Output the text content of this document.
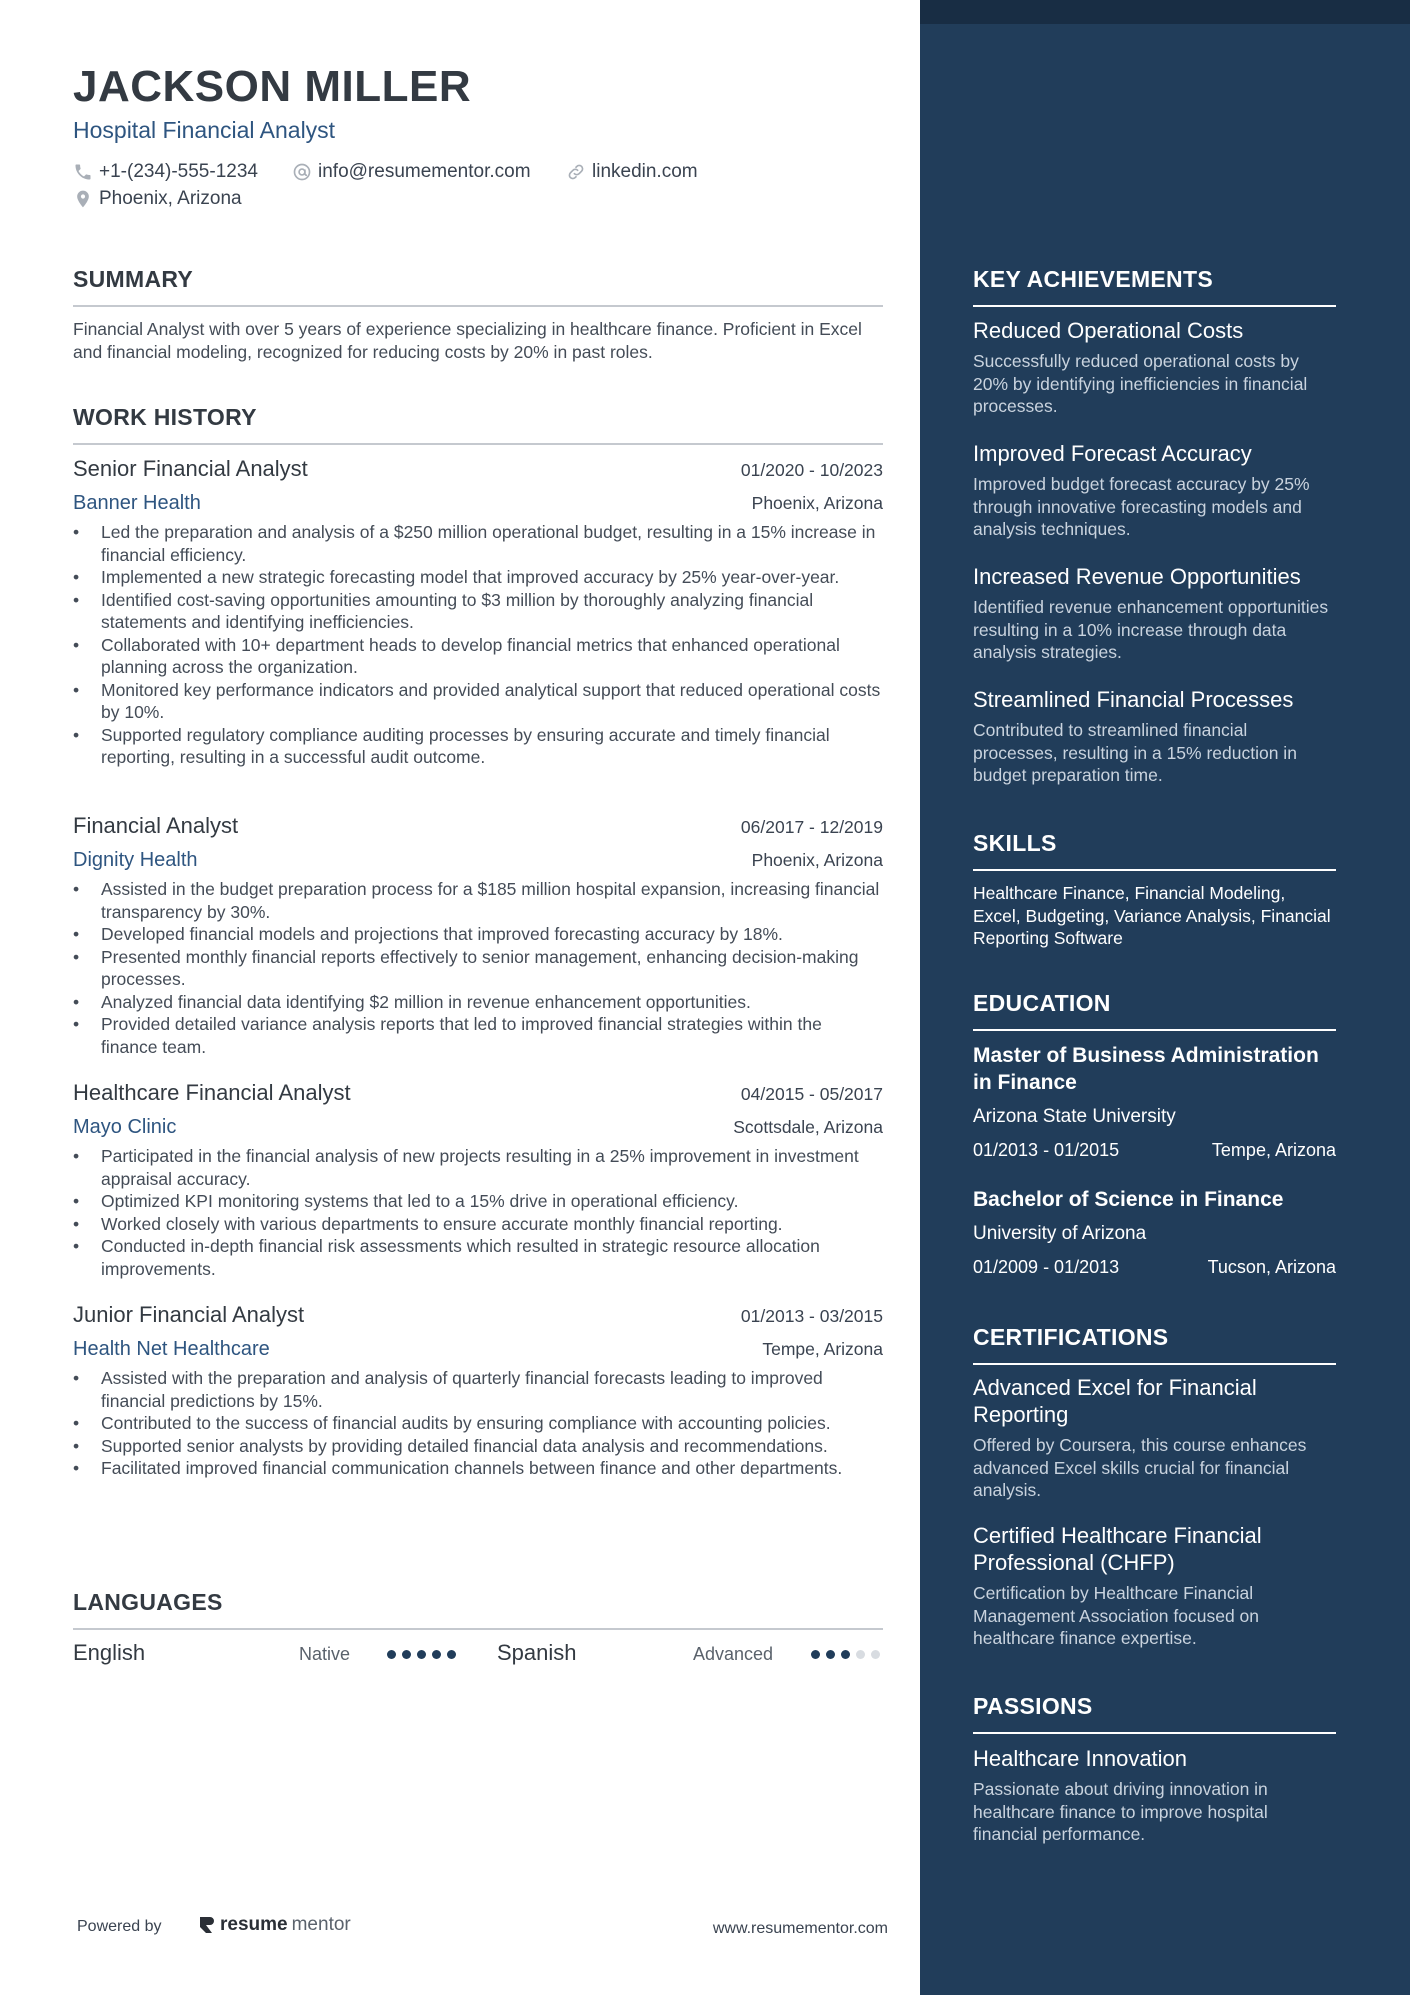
JACKSON MILLER
Hospital Financial Analyst
+1-(234)-555-1234	info@resumementor.com	linkedin.com
Phoenix, Arizona
SUMMARY

Financial Analyst with over 5 years of experience specializing in healthcare finance. Proficient in Excel and financial modeling, recognized for reducing costs by 20% in past roles.

WORK HISTORY
Senior Financial Analyst	01/2020 - 10/2023
Banner Health	Phoenix, Arizona
• Led the preparation and analysis of a $250 million operational budget, resulting in a 15% increase in financial efficiency.
• Implemented a new strategic forecasting model that improved accuracy by 25% year-over-year.
• Identified cost-saving opportunities amounting to $3 million by thoroughly analyzing financial statements and identifying inefficiencies.
• Collaborated with 10+ department heads to develop financial metrics that enhanced operational planning across the organization.
• Monitored key performance indicators and provided analytical support that reduced operational costs by 10%.
• Supported regulatory compliance auditing processes by ensuring accurate and timely financial reporting, resulting in a successful audit outcome.
Financial Analyst	06/2017 - 12/2019
Dignity Health	Phoenix, Arizona
• Assisted in the budget preparation process for a $185 million hospital expansion, increasing financial transparency by 30%.
• Developed financial models and projections that improved forecasting accuracy by 18%.
• Presented monthly financial reports effectively to senior management, enhancing decision-making processes.
• Analyzed financial data identifying $2 million in revenue enhancement opportunities.
• Provided detailed variance analysis reports that led to improved financial strategies within the finance team.
Healthcare Financial Analyst	04/2015 - 05/2017
Mayo Clinic	Scottsdale, Arizona
• Participated in the financial analysis of new projects resulting in a 25% improvement in investment appraisal accuracy.
• Optimized KPI monitoring systems that led to a 15% drive in operational efficiency.
• Worked closely with various departments to ensure accurate monthly financial reporting.
• Conducted in-depth financial risk assessments which resulted in strategic resource allocation improvements.
Junior Financial Analyst	01/2013 - 03/2015
Health Net Healthcare	Tempe, Arizona
• Assisted with the preparation and analysis of quarterly financial forecasts leading to improved financial predictions by 15%.
• Contributed to the success of financial audits by ensuring compliance with accounting policies.
• Supported senior analysts by providing detailed financial data analysis and recommendations.
• Facilitated improved financial communication channels between finance and other departments.
LANGUAGES
English	Native	Spanish	Advanced
Powered by	resume mentor	www.resumementor.com
KEY ACHIEVEMENTS
Reduced Operational Costs
Successfully reduced operational costs by 20% by identifying inefficiencies in financial processes.
Improved Forecast Accuracy
Improved budget forecast accuracy by 25% through innovative forecasting models and analysis techniques.
Increased Revenue Opportunities
Identified revenue enhancement opportunities resulting in a 10% increase through data analysis strategies.
Streamlined Financial Processes
Contributed to streamlined financial processes, resulting in a 15% reduction in budget preparation time.
SKILLS

Healthcare Finance, Financial Modeling, Excel, Budgeting, Variance Analysis, Financial Reporting Software

EDUCATION
Master of Business Administration in Finance
Arizona State University
01/2013 - 01/2015	Tempe, Arizona
Bachelor of Science in Finance
University of Arizona
01/2009 - 01/2013	Tucson, Arizona
CERTIFICATIONS
Advanced Excel for Financial Reporting
Offered by Coursera, this course enhances advanced Excel skills crucial for financial analysis.
Certified Healthcare Financial Professional (CHFP)
Certification by Healthcare Financial Management Association focused on healthcare finance expertise.
PASSIONS
Healthcare Innovation
Passionate about driving innovation in healthcare finance to improve hospital financial performance.
